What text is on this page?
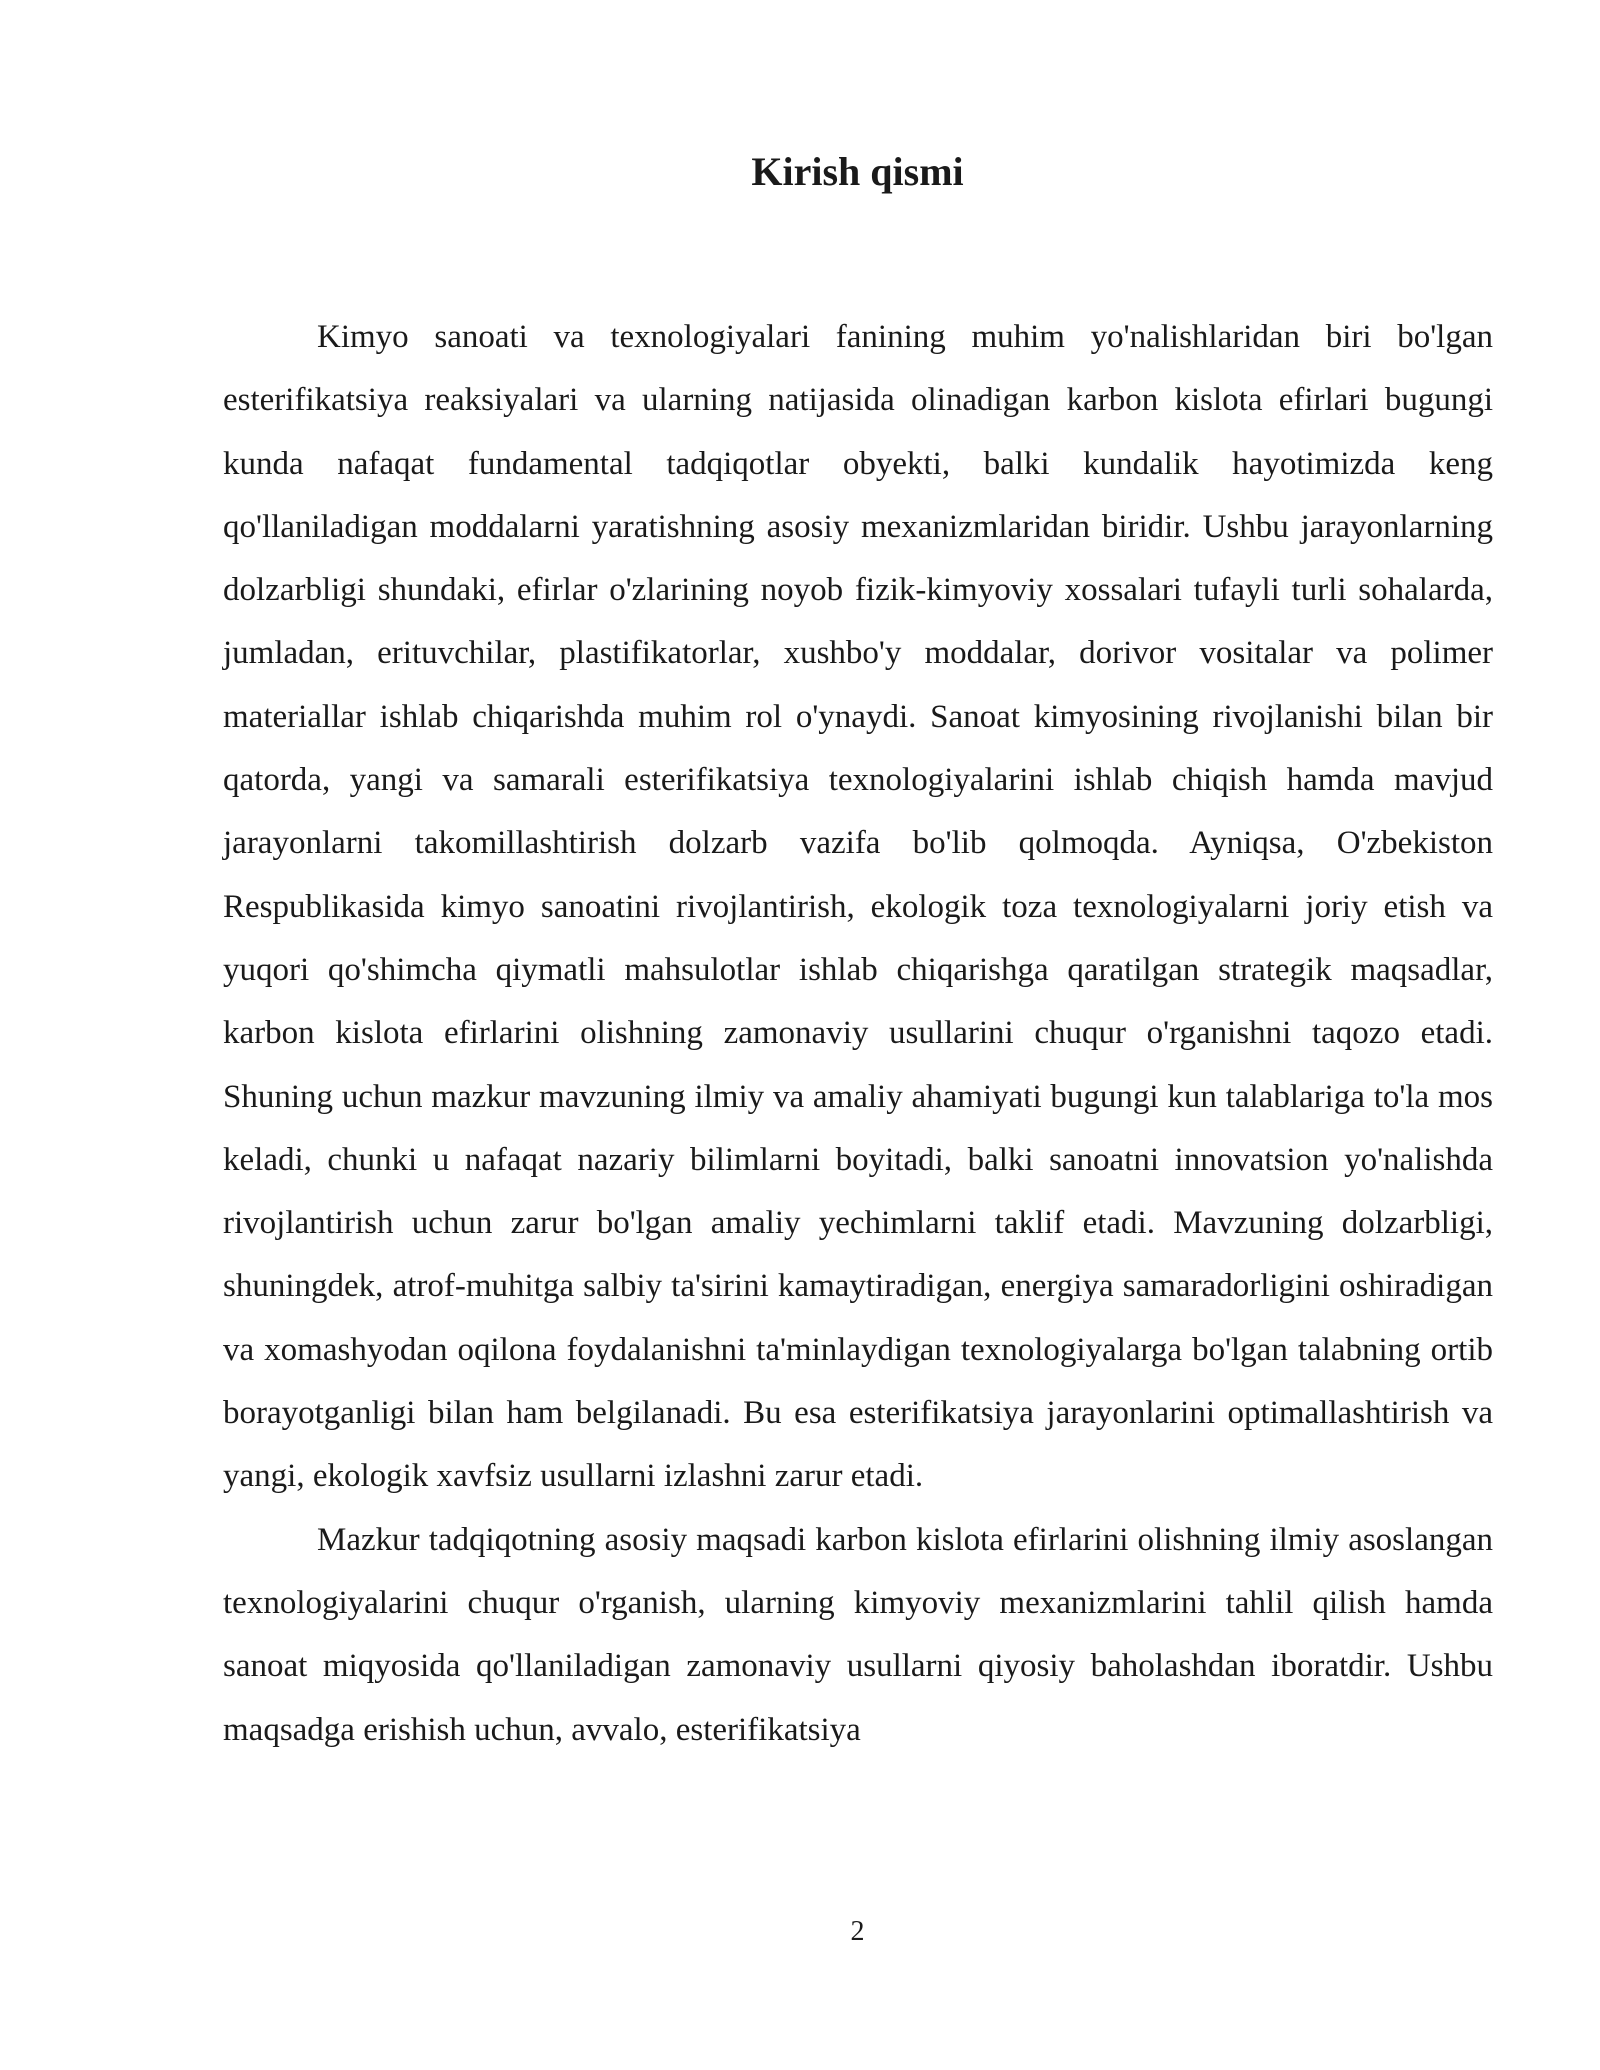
Kirish qismi

Kimyo sanoati va texnologiyalari fanining muhim yo'nalishlaridan biri bo'lgan esterifikatsiya reaksiyalari va ularning natijasida olinadigan karbon kislota efirlari bugungi kunda nafaqat fundamental tadqiqotlar obyekti, balki kundalik hayotimizda keng qo'llaniladigan moddalarni yaratishning asosiy mexanizmlaridan biridir. Ushbu jarayonlarning dolzarbligi shundaki, efirlar o'zlarining noyob fizik-kimyoviy xossalari tufayli turli sohalarda, jumladan, erituvchilar, plastifikatorlar, xushbo'y moddalar, dorivor vositalar va polimer materiallar ishlab chiqarishda muhim rol o'ynaydi. Sanoat kimyosining rivojlanishi bilan bir qatorda, yangi va samarali esterifikatsiya texnologiyalarini ishlab chiqish hamda mavjud jarayonlarni takomillashtirish dolzarb vazifa bo'lib qolmoqda. Ayniqsa, O'zbekiston Respublikasida kimyo sanoatini rivojlantirish, ekologik toza texnologiyalarni joriy etish va yuqori qo'shimcha qiymatli mahsulotlar ishlab chiqarishga qaratilgan strategik maqsadlar, karbon kislota efirlarini olishning zamonaviy usullarini chuqur o'rganishni taqozo etadi. Shuning uchun mazkur mavzuning ilmiy va amaliy ahamiyati bugungi kun talablariga to'la mos keladi, chunki u nafaqat nazariy bilimlarni boyitadi, balki sanoatni innovatsion yo'nalishda rivojlantirish uchun zarur bo'lgan amaliy yechimlarni taklif etadi. Mavzuning dolzarbligi, shuningdek, atrof-muhitga salbiy ta'sirini kamaytiradigan, energiya samaradorligini oshiradigan va xomashyodan oqilona foydalanishni ta'minlaydigan texnologiyalarga bo'lgan talabning ortib borayotganligi bilan ham belgilanadi. Bu esa esterifikatsiya jarayonlarini optimallashtirish va yangi, ekologik xavfsiz usullarni izlashni zarur etadi.

Mazkur tadqiqotning asosiy maqsadi karbon kislota efirlarini olishning ilmiy asoslangan texnologiyalarini chuqur o'rganish, ularning kimyoviy mexanizmlarini tahlil qilish hamda sanoat miqyosida qo'llaniladigan zamonaviy usullarni qiyosiy baholashdan iboratdir. Ushbu maqsadga erishish uchun, avvalo, esterifikatsiya

2
